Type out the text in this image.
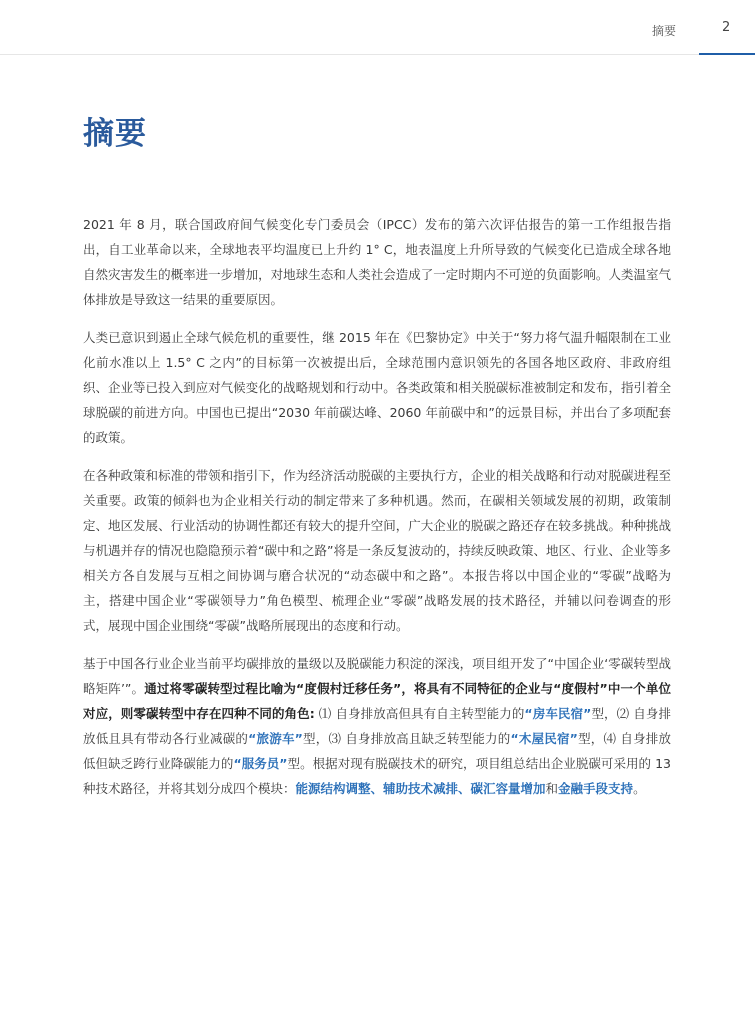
摘要	2
摘要

2021 年 8 月，联合国政府间气候变化专门委员会（IPCC）发布的第六次评估报告的第一工作组报告指出，自工业革命以来，全球地表平均温度已上升约 1° C，地表温度上升所导致的气候变化已造成全球各地自然灾害发生的概率进一步增加，对地球生态和人类社会造成了一定时期内不可逆的负面影响。人类温室气体排放是导致这一结果的重要原因。

人类已意识到遏止全球气候危机的重要性，继 2015 年在《巴黎协定》中关于“努力将气温升幅限制在工业化前水准以上 1.5° C 之内”的目标第一次被提出后，全球范围内意识领先的各国各地区政府、非政府组织、企业等已投入到应对气候变化的战略规划和行动中。各类政策和相关脱碳标准被制定和发布，指引着全球脱碳的前进方向。中国也已提出“2030 年前碳达峰、2060 年前碳中和”的远景目标，并出台了多项配套的政策。

在各种政策和标准的带领和指引下，作为经济活动脱碳的主要执行方，企业的相关战略和行动对脱碳进程至关重要。政策的倾斜也为企业相关行动的制定带来了多种机遇。然而，在碳相关领域发展的初期，政策制定、地区发展、行业活动的协调性都还有较大的提升空间，广大企业的脱碳之路还存在较多挑战。种种挑战与机遇并存的情况也隐隐预示着“碳中和之路”将是一条反复波动的，持续反映政策、地区、行业、企业等多相关方各自发展与互相之间协调与磨合状况的“动态碳中和之路”。本报告将以中国企业的“零碳”战略为主，搭建中国企业“零碳领导力”角色模型、梳理企业“零碳”战略发展的技术路径，并辅以问卷调查的形式，展现中国企业围绕“零碳”战略所展现出的态度和行动。

基于中国各行业企业当前平均碳排放的量级以及脱碳能力积淀的深浅，项目组开发了“中国企业‘零碳转型战略矩阵’”。通过将零碳转型过程比喻为“度假村迁移任务”，将具有不同特征的企业与“度假村”中一个单位对应，则零碳转型中存在四种不同的角色: ⑴ 自身排放高但具有自主转型能力的“房车民宿”型，⑵ 自身排放低且具有带动各行业减碳的“旅游车”型，⑶ 自身排放高且缺乏转型能力的“木屋民宿”型，⑷ 自身排放低但缺乏跨行业降碳能力的“服务员”型。根据对现有脱碳技术的研究，项目组总结出企业脱碳可采用的 13 种技术路径，并将其划分成四个模块：能源结构调整、辅助技术减排、碳汇容量增加和金融手段支持。
